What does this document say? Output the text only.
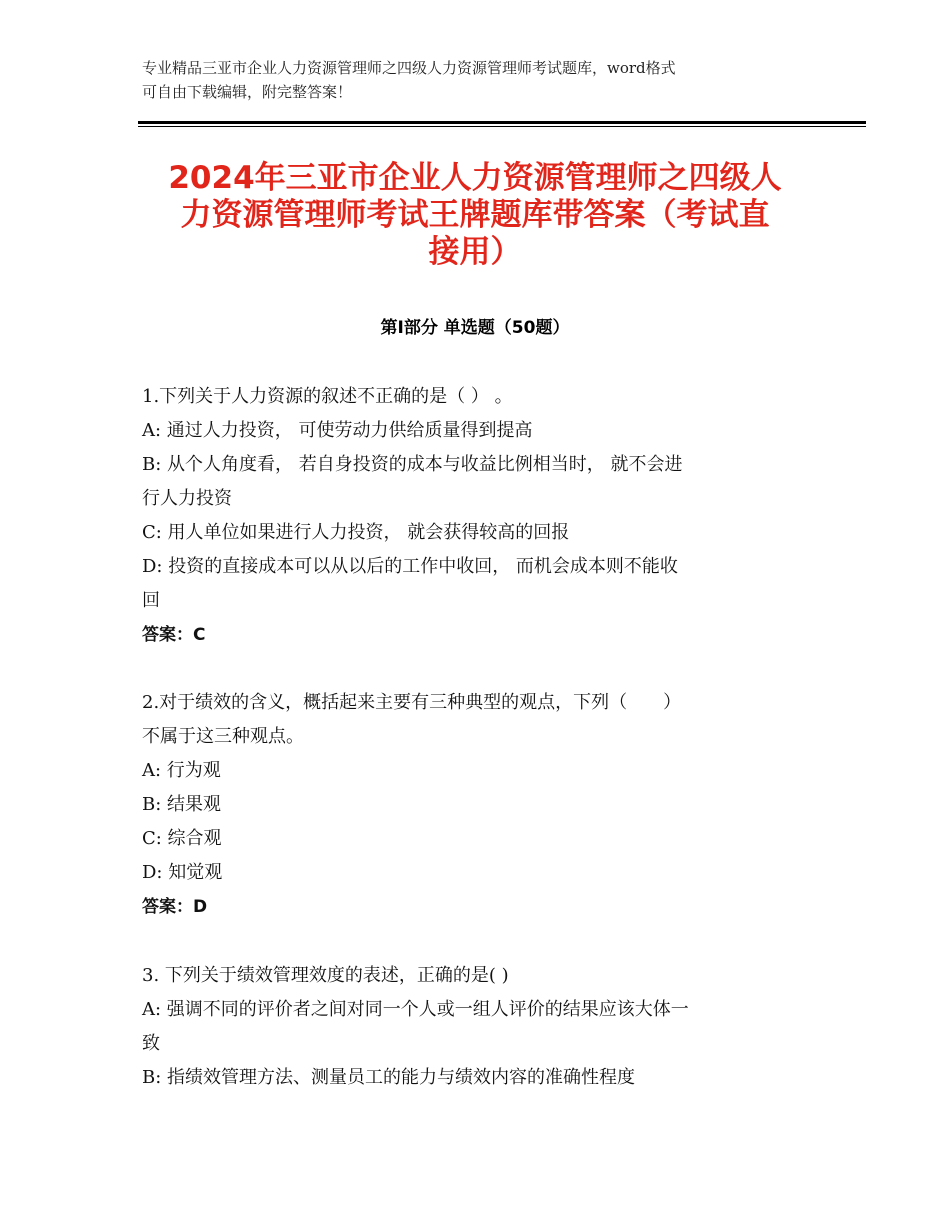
专业精品三亚市企业人力资源管理师之四级人力资源管理师考试题库，word格式
可自由下载编辑，附完整答案！
2024年三亚市企业人力资源管理师之四级人
力资源管理师考试王牌题库带答案（考试直
接用）
第Ⅰ部分 单选题（50题）
1.下列关于人力资源的叙述不正确的是（ ） 。
A: 通过人力投资， 可使劳动力供给质量得到提高
B: 从个人角度看， 若自身投资的成本与收益比例相当时， 就不会进
行人力投资
C: 用人单位如果进行人力投资， 就会获得较高的回报
D: 投资的直接成本可以从以后的工作中收回， 而机会成本则不能收
回
答案：C
2.对于绩效的含义，概括起来主要有三种典型的观点，下列（　　）
不属于这三种观点。
A: 行为观
B: 结果观
C: 综合观
D: 知觉观
答案：D
3. 下列关于绩效管理效度的表述，正确的是( )
A: 强调不同的评价者之间对同一个人或一组人评价的结果应该大体一
致
B: 指绩效管理方法、测量员工的能力与绩效内容的准确性程度
